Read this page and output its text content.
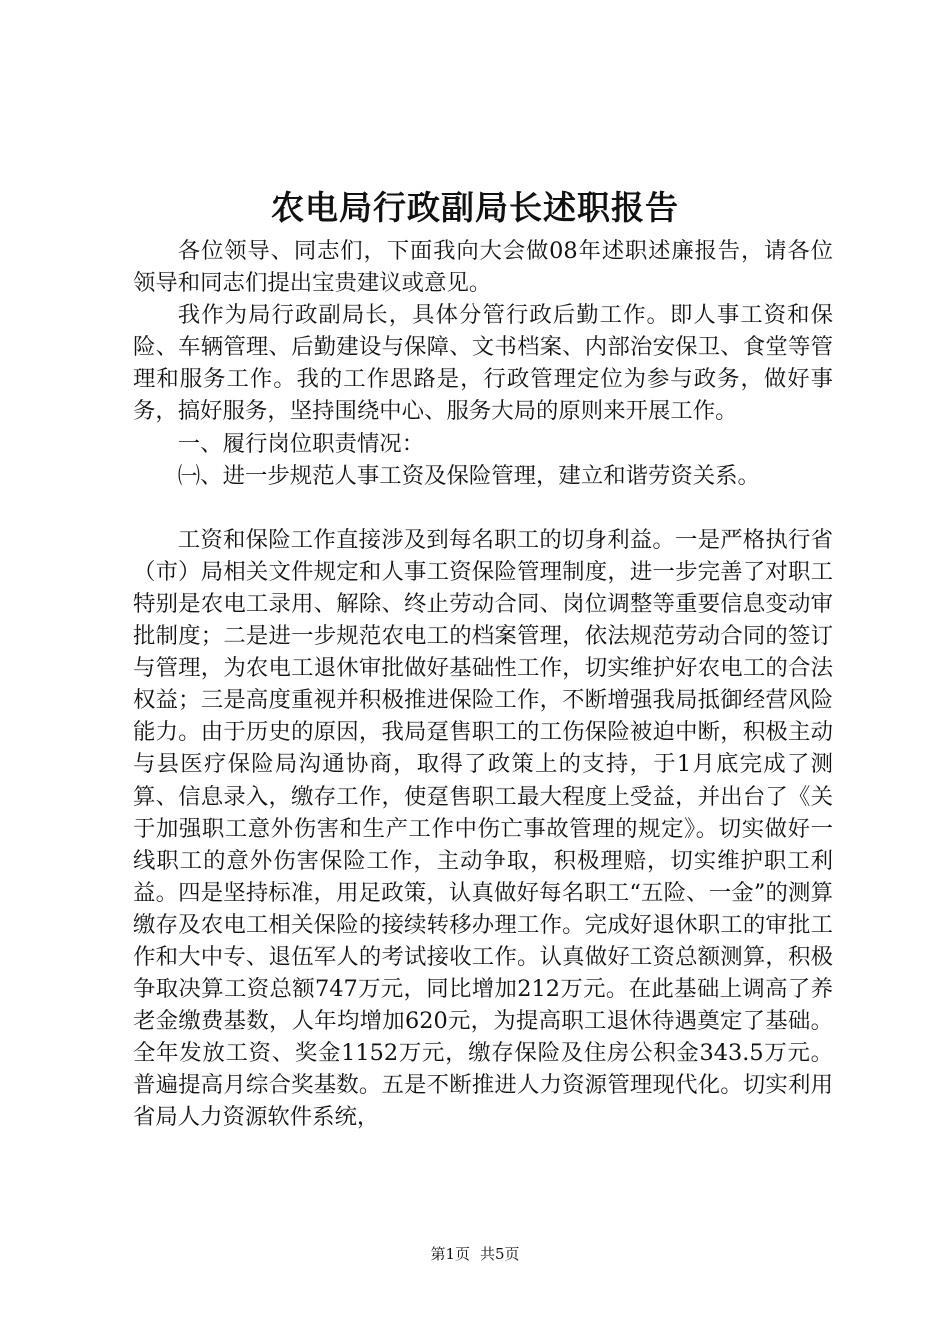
农电局行政副局长述职报告

各位领导、同志们，下面我向大会做08年述职述廉报告，请各位领导和同志们提出宝贵建议或意见。

我作为局行政副局长，具体分管行政后勤工作。即人事工资和保险、车辆管理、后勤建设与保障、文书档案、内部治安保卫、食堂等管理和服务工作。我的工作思路是，行政管理定位为参与政务，做好事务，搞好服务，坚持围绕中心、服务大局的原则来开展工作。

一、履行岗位职责情况：

㈠、进一步规范人事工资及保险管理，建立和谐劳资关系。

工资和保险工作直接涉及到每名职工的切身利益。一是严格执行省（市）局相关文件规定和人事工资保险管理制度，进一步完善了对职工特别是农电工录用、解除、终止劳动合同、岗位调整等重要信息变动审批制度；二是进一步规范农电工的档案管理，依法规范劳动合同的签订与管理，为农电工退休审批做好基础性工作，切实维护好农电工的合法权益；三是高度重视并积极推进保险工作，不断增强我局抵御经营风险能力。由于历史的原因，我局趸售职工的工伤保险被迫中断，积极主动与县医疗保险局沟通协商，取得了政策上的支持，于1月底完成了测算、信息录入，缴存工作，使趸售职工最大程度上受益，并出台了《关于加强职工意外伤害和生产工作中伤亡事故管理的规定》。切实做好一线职工的意外伤害保险工作，主动争取，积极理赔，切实维护职工利益。四是坚持标准，用足政策，认真做好每名职工“五险、一金”的测算缴存及农电工相关保险的接续转移办理工作。完成好退休职工的审批工作和大中专、退伍军人的考试接收工作。认真做好工资总额测算，积极争取决算工资总额747万元，同比增加212万元。在此基础上调高了养老金缴费基数，人年均增加620元，为提高职工退休待遇奠定了基础。全年发放工资、奖金1152万元，缴存保险及住房公积金343.5万元。普遍提高月综合奖基数。五是不断推进人力资源管理现代化。切实利用省局人力资源软件系统，

第1页 共5页
